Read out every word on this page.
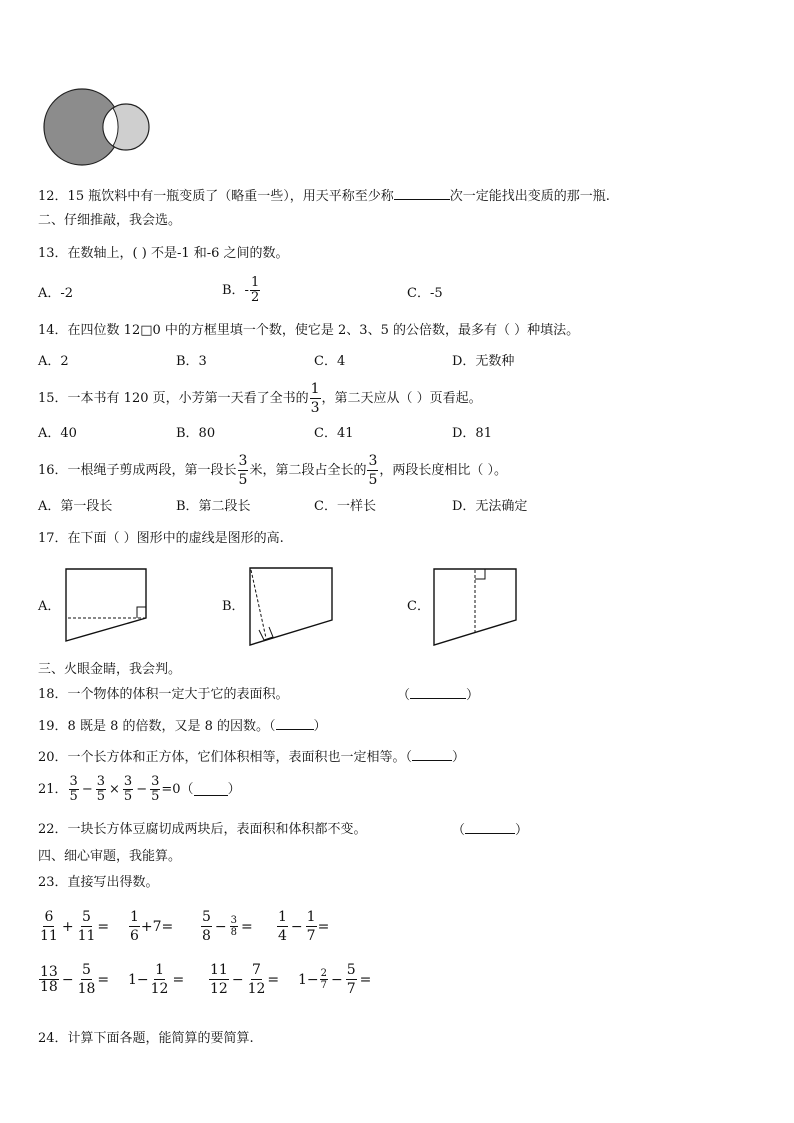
12．15 瓶饮料中有一瓶变质了（略重一些），用天平称至少称	次一定能找出变质的那一瓶.
二、仔细推敲，我会选。
13．在数轴上，( ) 不是-1 和-6 之间的数。
A．-2	B．- $\frac{1}{2}$	C．-5
14．在四位数 12□0 中的方框里填一个数，使它是 2、3、5 的公倍数，最多有（ ）种填法。
A．2	B．3	C．4	D．无数种
15．一本书有 120 页，小芳第一天看了全书的 $\frac{1}{3}$ ，第二天应从（ ）页看起。
A．40	B．80	C．41	D．81
16．一根绳子剪成两段，第一段长 $\frac{3}{5}$ 米，第二段占全长的 $\frac{3}{5}$ ，两段长度相比（ ）。
A．第一段长	B．第二段长	C．一样长	D．无法确定
17．在下面（ ）图形中的虚线是图形的高.
A．	B．	C．
三、火眼金睛，我会判。
18．一个物体的体积一定大于它的表面积。	（	）
19．8 既是 8 的倍数，又是 8 的因数。（	）
20．一个长方体和正方体，它们体积相等，表面积也一定相等。（	）
21． $\frac{3}{5} - \frac{3}{5} \times \frac{3}{5} - \frac{3}{5} =0$（	）
22．一块长方体豆腐切成两块后，表面积和体积都不变。	（	）
四、细心审题，我能算。
23．直接写出得数。
$\frac{6}{11} + \frac{5}{11} = \frac{1}{6} +7= \frac{5}{8} - \frac{3}{8} = \frac{1}{4} - \frac{1}{7}$ =
$\frac{13}{18} - \frac{5}{18} = 1- \frac{1}{12} = \frac{11}{12} - \frac{7}{12} = 1- \frac{2}{7} - \frac{5}{7}$ =
24．计算下面各题，能简算的要简算.
